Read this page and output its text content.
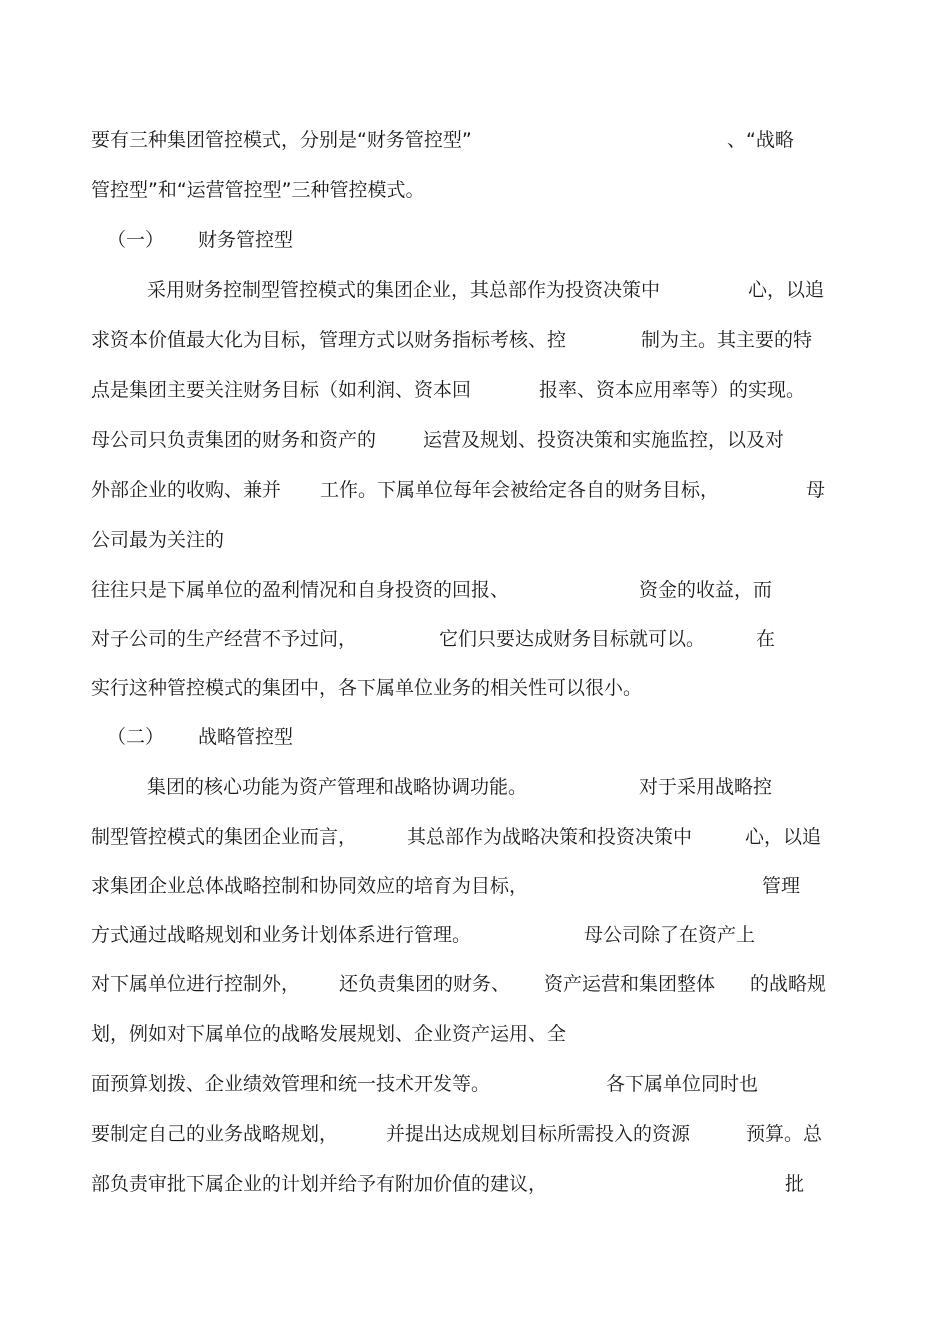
要有三种集团管控模式，分别是“财务管控型”	、“战略
管控型”和“运营管控型”三种管控模式。
（一） 财务管控型
采用财务控制型管控模式的集团企业，其总部作为投资决策中	心，以追
求资本价值最大化为目标，管理方式以财务指标考核、控	制为主。其主要的特
点是集团主要关注财务目标（如利润、资本回	报率、资本应用率等）的实现。
母公司只负责集团的财务和资产的 运营及规划、投资决策和实施监控，以及对
外部企业的收购、兼并 工作。下属单位每年会被给定各自的财务目标，	母
公司最为关注的
往往只是下属单位的盈利情况和自身投资的回报、	资金的收益，而
对子公司的生产经营不予过问，	它们只要达成财务目标就可以。	在
实行这种管控模式的集团中，各下属单位业务的相关性可以很小。
（二） 战略管控型
集团的核心功能为资产管理和战略协调功能。	对于采用战略控
制型管控模式的集团企业而言，	其总部作为战略决策和投资决策中	心，以追
求集团企业总体战略控制和协同效应的培育为目标，	管理
方式通过战略规划和业务计划体系进行管理。	母公司除了在资产上
对下属单位进行控制外， 还负责集团的财务、 资产运营和集团整体 的战略规
划，例如对下属单位的战略发展规划、企业资产运用、全
面预算划拨、企业绩效管理和统一技术开发等。	各下属单位同时也
要制定自己的业务战略规划，	并提出达成规划目标所需投入的资源	预算。总
部负责审批下属企业的计划并给予有附加价值的建议，	批
